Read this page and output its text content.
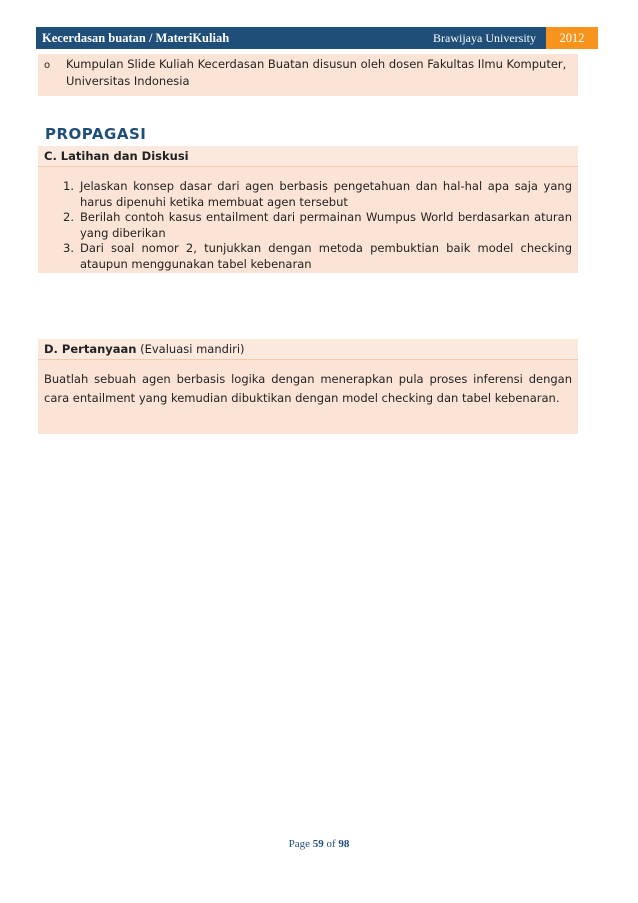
Kecerdasan buatan / MateriKuliah	Brawijaya University	2012
o	Kumpulan Slide Kuliah Kecerdasan Buatan disusun oleh dosen Fakultas Ilmu Komputer, Universitas Indonesia
PROPAGASI
C. Latihan dan Diskusi
1. Jelaskan konsep dasar dari agen berbasis pengetahuan dan hal-hal apa saja yang harus dipenuhi ketika membuat agen tersebut
2. Berilah contoh kasus entailment dari permainan Wumpus World berdasarkan aturan yang diberikan
3. Dari soal nomor 2, tunjukkan dengan metoda pembuktian baik model checking ataupun menggunakan tabel kebenaran
D. Pertanyaan (Evaluasi mandiri)
Buatlah sebuah agen berbasis logika dengan menerapkan pula proses inferensi dengan cara entailment yang kemudian dibuktikan dengan model checking dan tabel kebenaran.
Page 59 of 98
